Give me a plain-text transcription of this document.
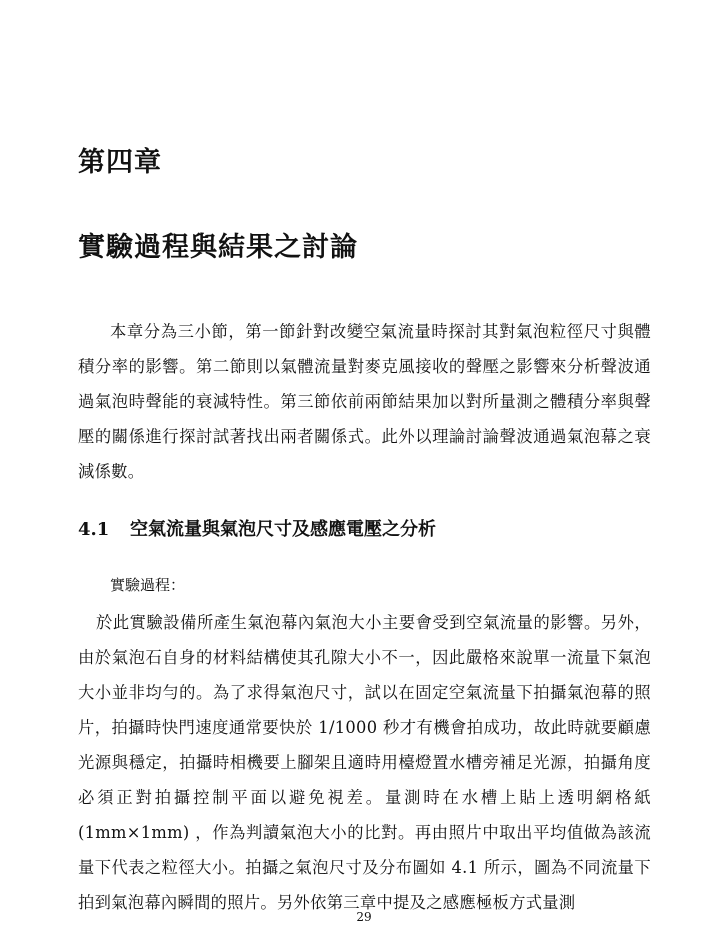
第四章
實驗過程與結果之討論

本章分為三小節，第一節針對改變空氣流量時探討其對氣泡粒徑尺寸與體積分率的影響。第二節則以氣體流量對麥克風接收的聲壓之影響來分析聲波通過氣泡時聲能的衰減特性。第三節依前兩節結果加以對所量測之體積分率與聲壓的關係進行探討試著找出兩者關係式。此外以理論討論聲波通過氣泡幕之衰減係數。

4.1 空氣流量與氣泡尺寸及感應電壓之分析
實驗過程：

於此實驗設備所產生氣泡幕內氣泡大小主要會受到空氣流量的影響。另外，由於氣泡石自身的材料結構使其孔隙大小不一，因此嚴格來說單一流量下氣泡大小並非均勻的。為了求得氣泡尺寸，試以在固定空氣流量下拍攝氣泡幕的照片，拍攝時快門速度通常要快於 1/1000 秒才有機會拍成功，故此時就要顧慮光源與穩定，拍攝時相機要上腳架且適時用檯燈置水槽旁補足光源，拍攝角度必須正對拍攝控制平面以避免視差。量測時在水槽上貼上透明網格紙 (1mm×1mm) ，作為判讀氣泡大小的比對。再由照片中取出平均值做為該流量下代表之粒徑大小。拍攝之氣泡尺寸及分布圖如 4.1 所示，圖為不同流量下拍到氣泡幕內瞬間的照片。另外依第三章中提及之感應極板方式量測

29
